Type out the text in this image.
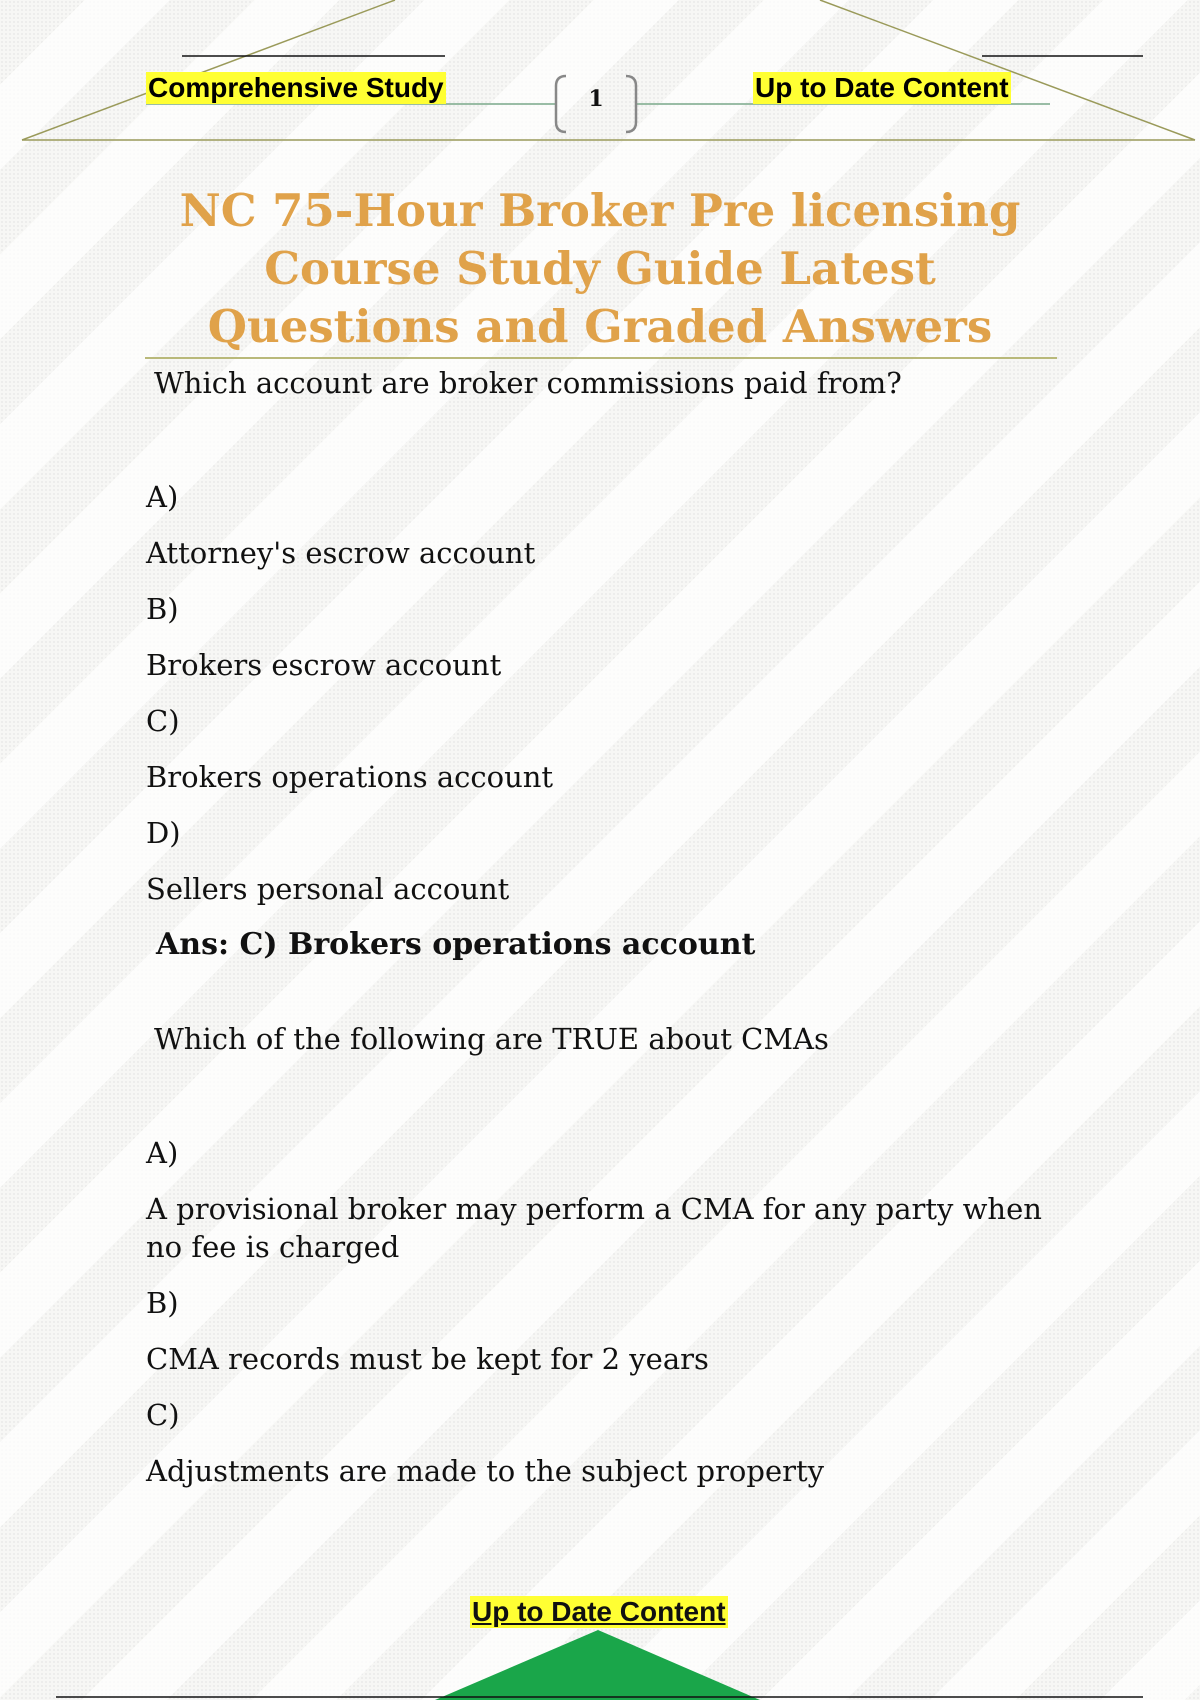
Comprehensive Study	1	Up to Date Content
NC 75-Hour Broker Pre licensing
Course Study Guide Latest
Questions and Graded Answers

Which account are broker commissions paid from?

A)

Attorney's escrow account

B)

Brokers escrow account

C)

Brokers operations account

D)

Sellers personal account

Ans: C) Brokers operations account

Which of the following are TRUE about CMAs

A)

A provisional broker may perform a CMA for any party when no fee is charged

B)

CMA records must be kept for 2 years

C)

Adjustments are made to the subject property

Up to Date Content
